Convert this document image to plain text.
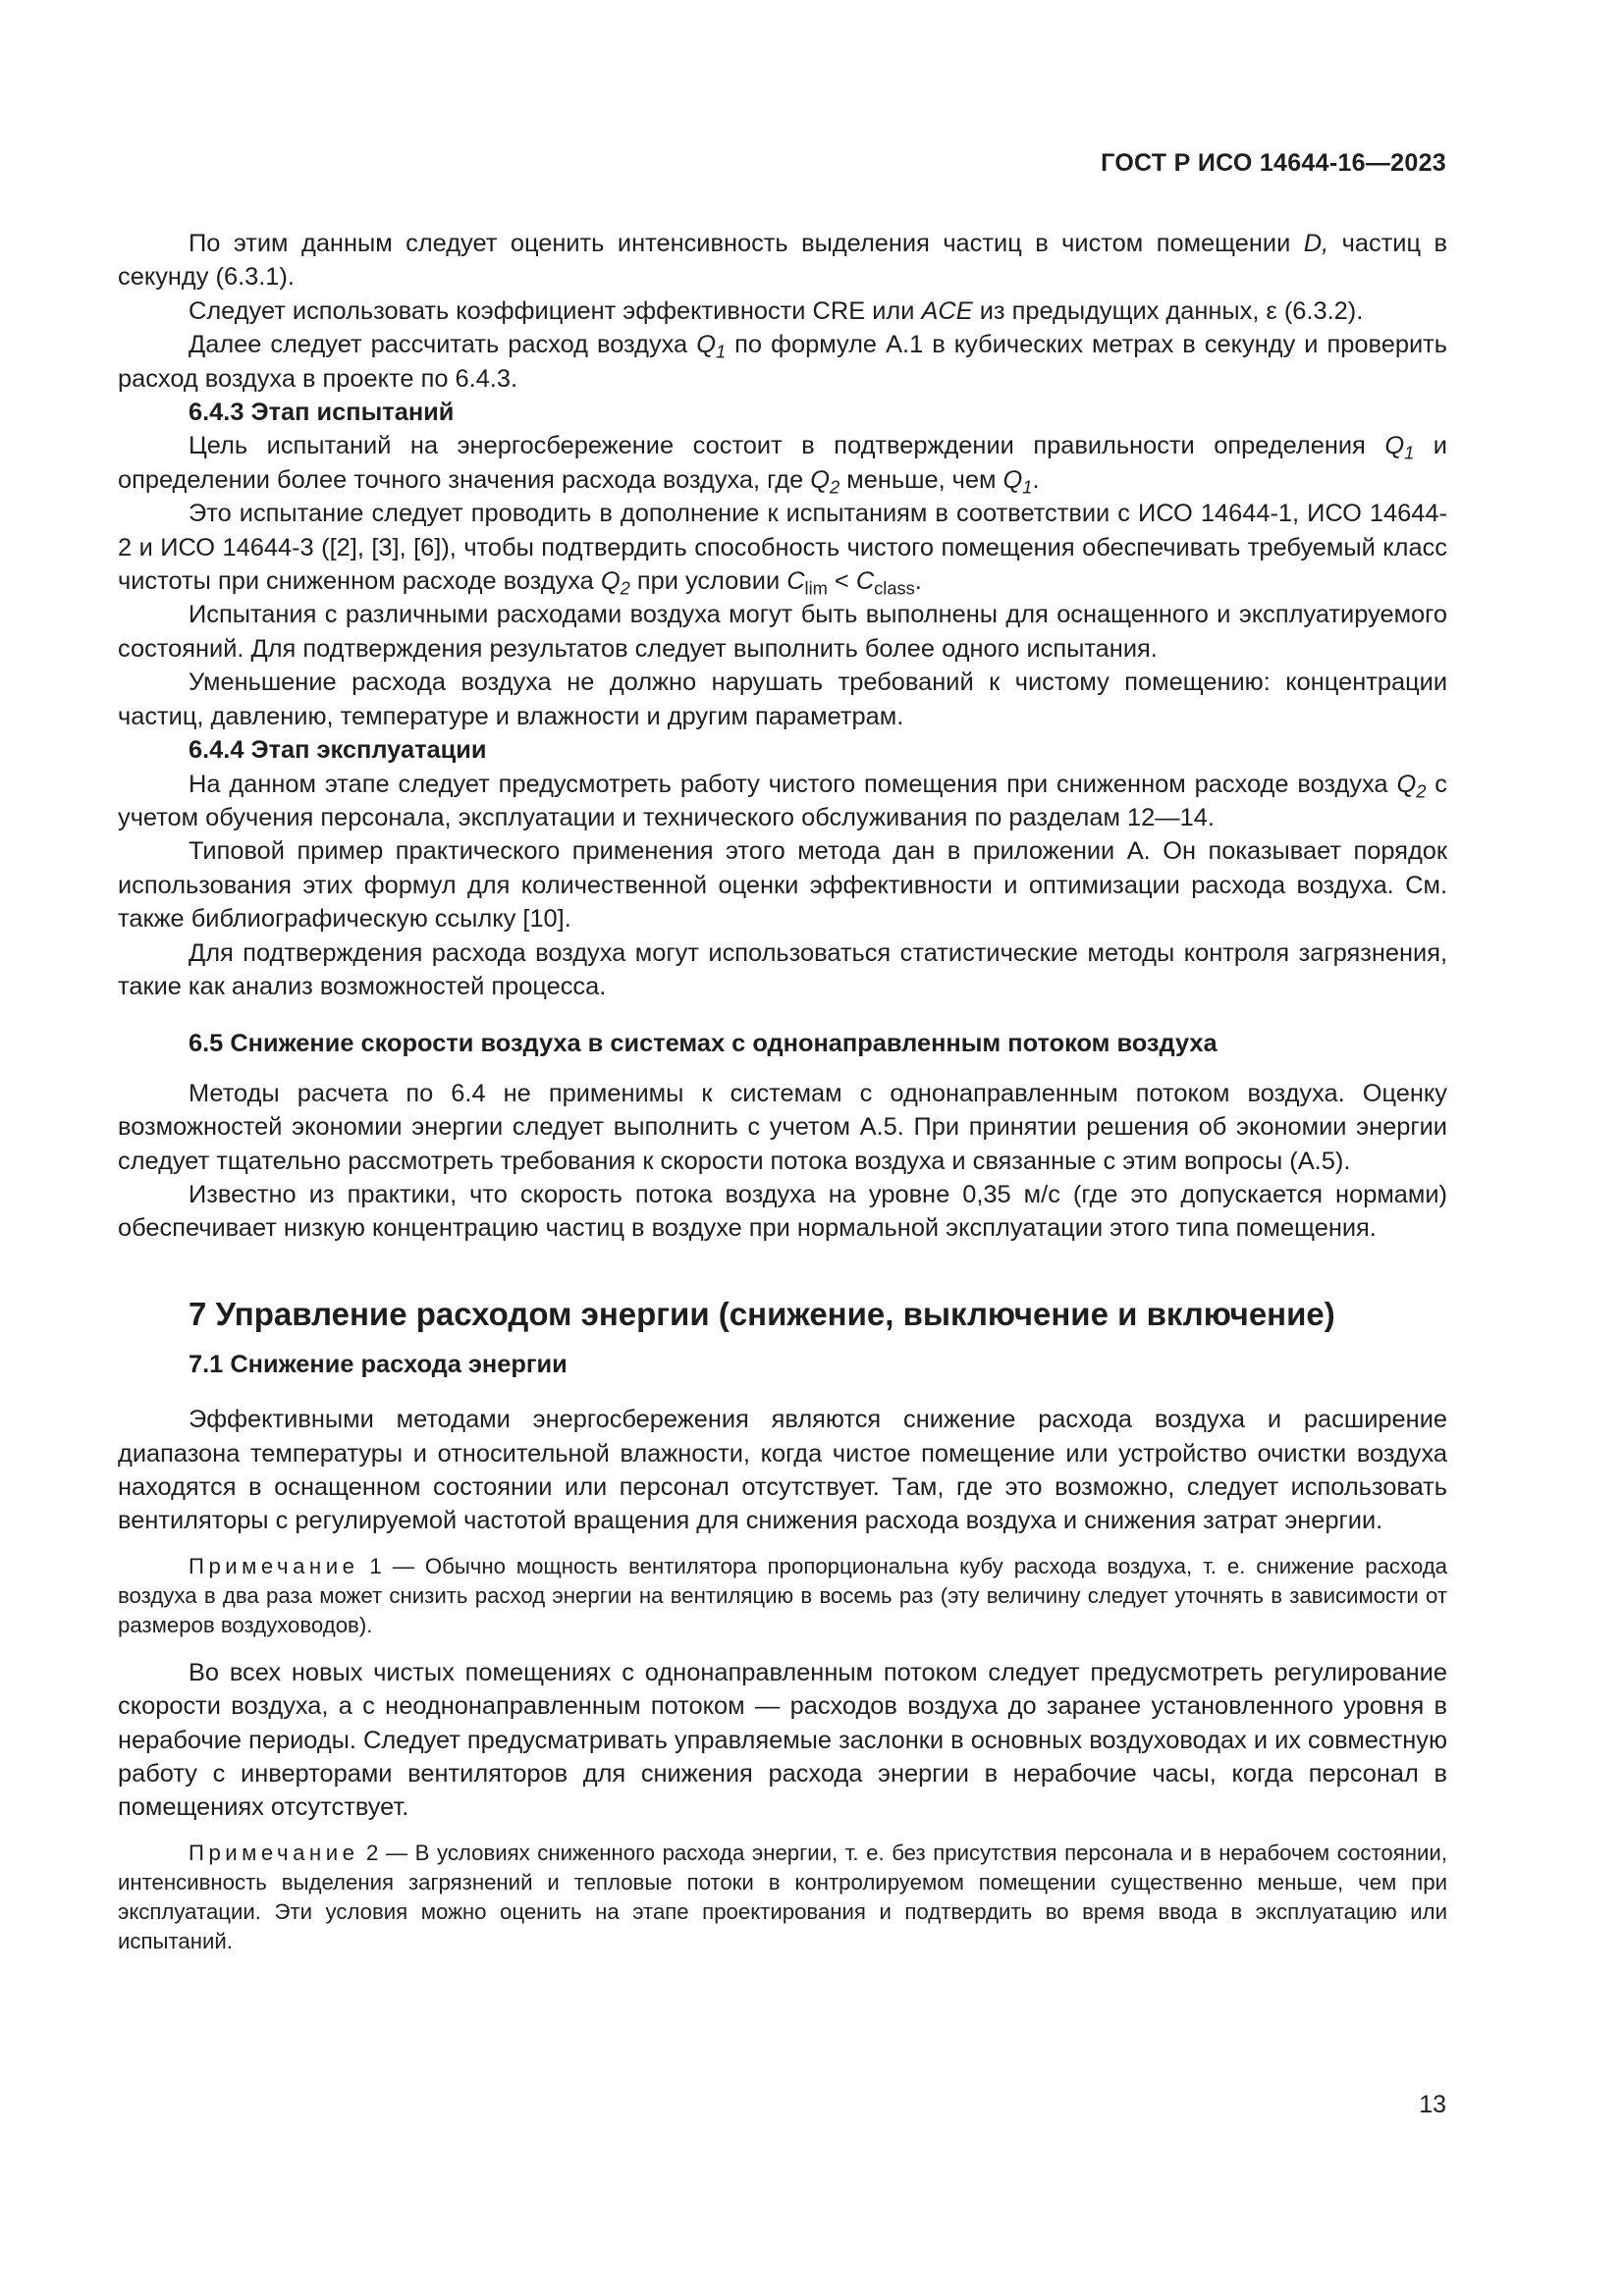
ГОСТ Р ИСО 14644-16—2023

По этим данным следует оценить интенсивность выделения частиц в чистом помещении D, частиц в секунду (6.3.1).

Следует использовать коэффициент эффективности CRE или ACE из предыдущих данных, ε (6.3.2).

Далее следует рассчитать расход воздуха $Q_1$ по формуле А.1 в кубических метрах в секунду и проверить расход воздуха в проекте по 6.4.3.

6.4.3 Этап испытаний

Цель испытаний на энергосбережение состоит в подтверждении правильности определения $Q_1$ и определении более точного значения расхода воздуха, где $Q_2$ меньше, чем $Q_1$.

Это испытание следует проводить в дополнение к испытаниям в соответствии с ИСО 14644-1, ИСО 14644-2 и ИСО 14644-3 ([2], [3], [6]), чтобы подтвердить способность чистого помещения обеспечивать требуемый класс чистоты при сниженном расходе воздуха $Q_2$ при условии $C_{lim} < C_{class}$.

Испытания с различными расходами воздуха могут быть выполнены для оснащенного и эксплуатируемого состояний. Для подтверждения результатов следует выполнить более одного испытания.

Уменьшение расхода воздуха не должно нарушать требований к чистому помещению: концентрации частиц, давлению, температуре и влажности и другим параметрам.

6.4.4 Этап эксплуатации

На данном этапе следует предусмотреть работу чистого помещения при сниженном расходе воздуха $Q_2$ с учетом обучения персонала, эксплуатации и технического обслуживания по разделам 12—14.

Типовой пример практического применения этого метода дан в приложении А. Он показывает порядок использования этих формул для количественной оценки эффективности и оптимизации расхода воздуха. См. также библиографическую ссылку [10].

Для подтверждения расхода воздуха могут использоваться статистические методы контроля загрязнения, такие как анализ возможностей процесса.

6.5 Снижение скорости воздуха в системах с однонаправленным потоком воздуха

Методы расчета по 6.4 не применимы к системам с однонаправленным потоком воздуха. Оценку возможностей экономии энергии следует выполнить с учетом А.5. При принятии решения об экономии энергии следует тщательно рассмотреть требования к скорости потока воздуха и связанные с этим вопросы (А.5).

Известно из практики, что скорость потока воздуха на уровне 0,35 м/с (где это допускается нормами) обеспечивает низкую концентрацию частиц в воздухе при нормальной эксплуатации этого типа помещения.

7 Управление расходом энергии (снижение, выключение и включение)

7.1 Снижение расхода энергии

Эффективными методами энергосбережения являются снижение расхода воздуха и расширение диапазона температуры и относительной влажности, когда чистое помещение или устройство очистки воздуха находятся в оснащенном состоянии или персонал отсутствует. Там, где это возможно, следует использовать вентиляторы с регулируемой частотой вращения для снижения расхода воздуха и снижения затрат энергии.

Примечание 1 — Обычно мощность вентилятора пропорциональна кубу расхода воздуха, т. е. снижение расхода воздуха в два раза может снизить расход энергии на вентиляцию в восемь раз (эту величину следует уточнять в зависимости от размеров воздуховодов).

Во всех новых чистых помещениях с однонаправленным потоком следует предусмотреть регулирование скорости воздуха, а с неоднонаправленным потоком — расходов воздуха до заранее установленного уровня в нерабочие периоды. Следует предусматривать управляемые заслонки в основных воздуховодах и их совместную работу с инверторами вентиляторов для снижения расхода энергии в нерабочие часы, когда персонал в помещениях отсутствует.

Примечание 2 — В условиях сниженного расхода энергии, т. е. без присутствия персонала и в нерабочем состоянии, интенсивность выделения загрязнений и тепловые потоки в контролируемом помещении существенно меньше, чем при эксплуатации. Эти условия можно оценить на этапе проектирования и подтвердить во время ввода в эксплуатацию или испытаний.

13
